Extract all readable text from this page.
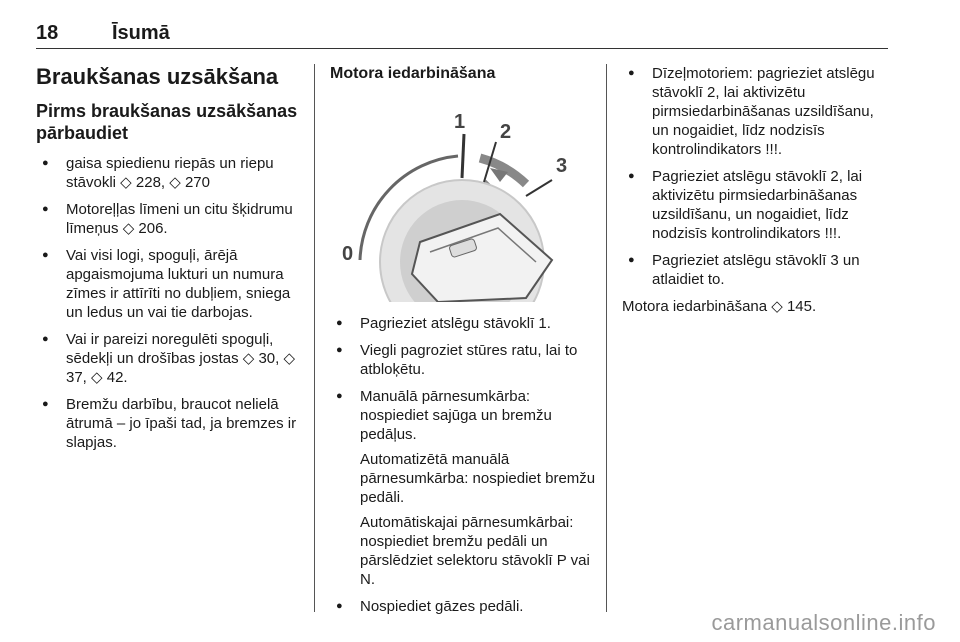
18	Īsumā
Braukšanas uzsākšana
Pirms braukšanas uzsākšanas pārbaudiet
● gaisa spiedienu riepās un riepu stāvokli ◇ 228, ◇ 270
● Motoreļļas līmeni un citu šķidrumu līmeņus ◇ 206.
● Vai visi logi, spoguļi, ārējā apgaismojuma lukturi un numura zīmes ir attīrīti no dubļiem, sniega un ledus un vai tie darbojas.
● Vai ir pareizi noregulēti spoguļi, sēdekļi un drošības jostas ◇ 30, ◇ 37, ◇ 42.
● Bremžu darbību, braucot nelielā ātrumā – jo īpaši tad, ja bremzes ir slapjas.
Motora iedarbināšana
0
1 2
3
● Pagrieziet atslēgu stāvoklī 1.
● Viegli pagroziet stūres ratu, lai to atbloķētu.
● Manuālā pārnesumkārba: nospiediet sajūga un bremžu pedāļus.
Automatizētā manuālā pārnesumkārba: nospiediet bremžu pedāli.
Automātiskajai pārnesumkārbai: nospiediet bremžu pedāli un pārslēdziet selektoru stāvoklī P vai N.
● Nospiediet gāzes pedāli.
● Dīzeļmotoriem: pagrieziet atslēgu stāvoklī 2, lai aktivizētu pirmsiedarbināšanas uzsildīšanu, un nogaidiet, līdz nodzisīs kontrolindikators !!!.
● Pagrieziet atslēgu stāvoklī 2, lai aktivizētu pirmsiedarbināšanas uzsildīšanu, un nogaidiet, līdz nodzisīs kontrolindikators !!!.
● Pagrieziet atslēgu stāvoklī 3 un atlaidiet to.

Motora iedarbināšana ◇ 145.

carmanualsonline.info
